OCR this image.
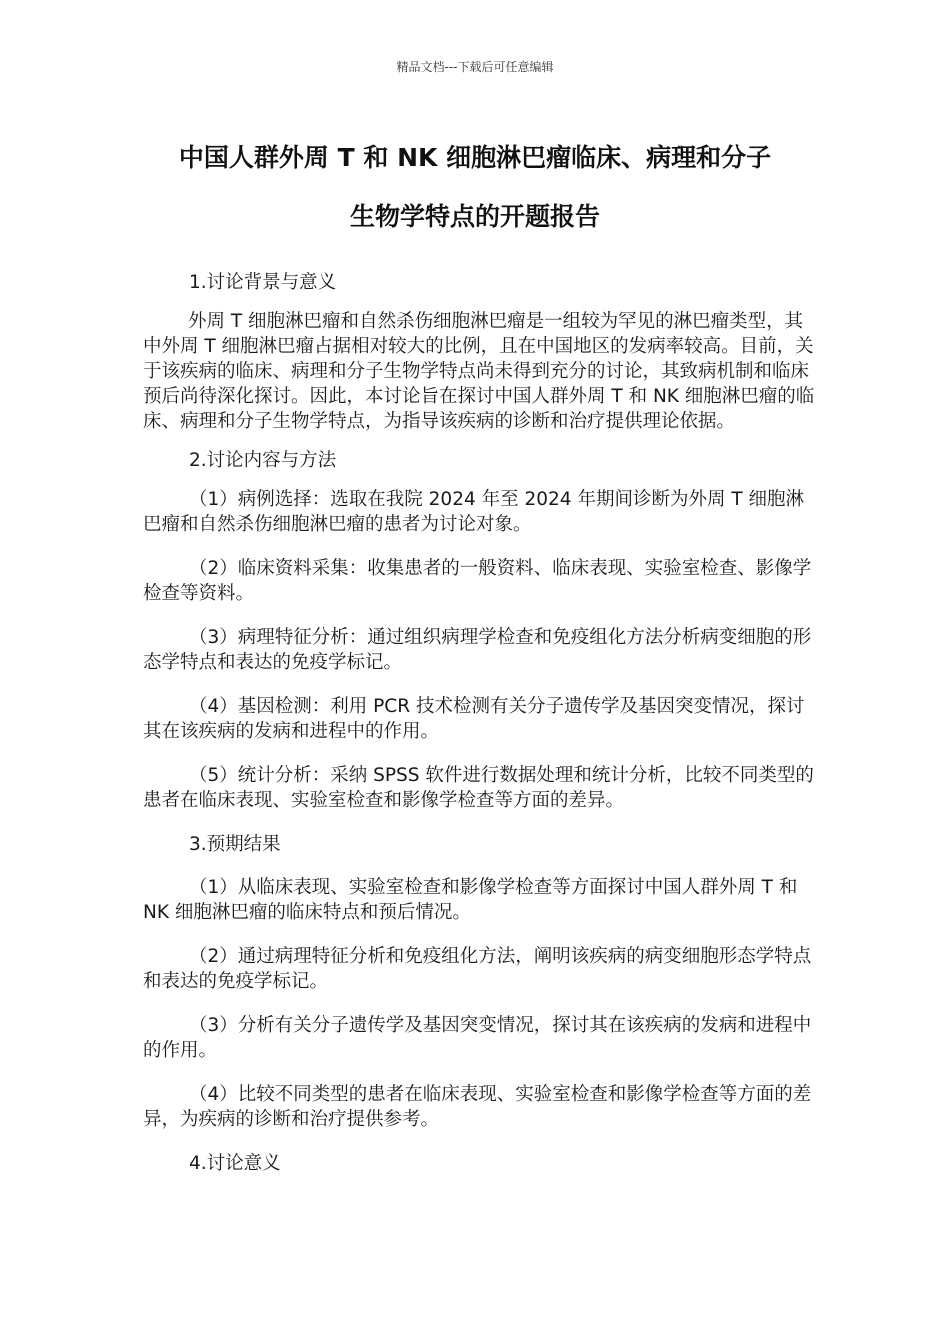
精品文档---下载后可任意编辑
中国人群外周 T 和 NK 细胞淋巴瘤临床、病理和分子
生物学特点的开题报告

1.讨论背景与意义

外周 T 细胞淋巴瘤和自然杀伤细胞淋巴瘤是一组较为罕见的淋巴瘤类型，其中外周 T 细胞淋巴瘤占据相对较大的比例，且在中国地区的发病率较高。目前，关于该疾病的临床、病理和分子生物学特点尚未得到充分的讨论，其致病机制和临床预后尚待深化探讨。因此，本讨论旨在探讨中国人群外周 T 和 NK 细胞淋巴瘤的临床、病理和分子生物学特点，为指导该疾病的诊断和治疗提供理论依据。

2.讨论内容与方法

（1）病例选择：选取在我院 2024 年至 2024 年期间诊断为外周 T 细胞淋巴瘤和自然杀伤细胞淋巴瘤的患者为讨论对象。

（2）临床资料采集：收集患者的一般资料、临床表现、实验室检查、影像学检查等资料。

（3）病理特征分析：通过组织病理学检查和免疫组化方法分析病变细胞的形态学特点和表达的免疫学标记。

（4）基因检测：利用 PCR 技术检测有关分子遗传学及基因突变情况，探讨其在该疾病的发病和进程中的作用。

（5）统计分析：采纳 SPSS 软件进行数据处理和统计分析，比较不同类型的患者在临床表现、实验室检查和影像学检查等方面的差异。

3.预期结果

（1）从临床表现、实验室检查和影像学检查等方面探讨中国人群外周 T 和 NK 细胞淋巴瘤的临床特点和预后情况。

（2）通过病理特征分析和免疫组化方法，阐明该疾病的病变细胞形态学特点和表达的免疫学标记。

（3）分析有关分子遗传学及基因突变情况，探讨其在该疾病的发病和进程中的作用。

（4）比较不同类型的患者在临床表现、实验室检查和影像学检查等方面的差异，为疾病的诊断和治疗提供参考。

4.讨论意义
